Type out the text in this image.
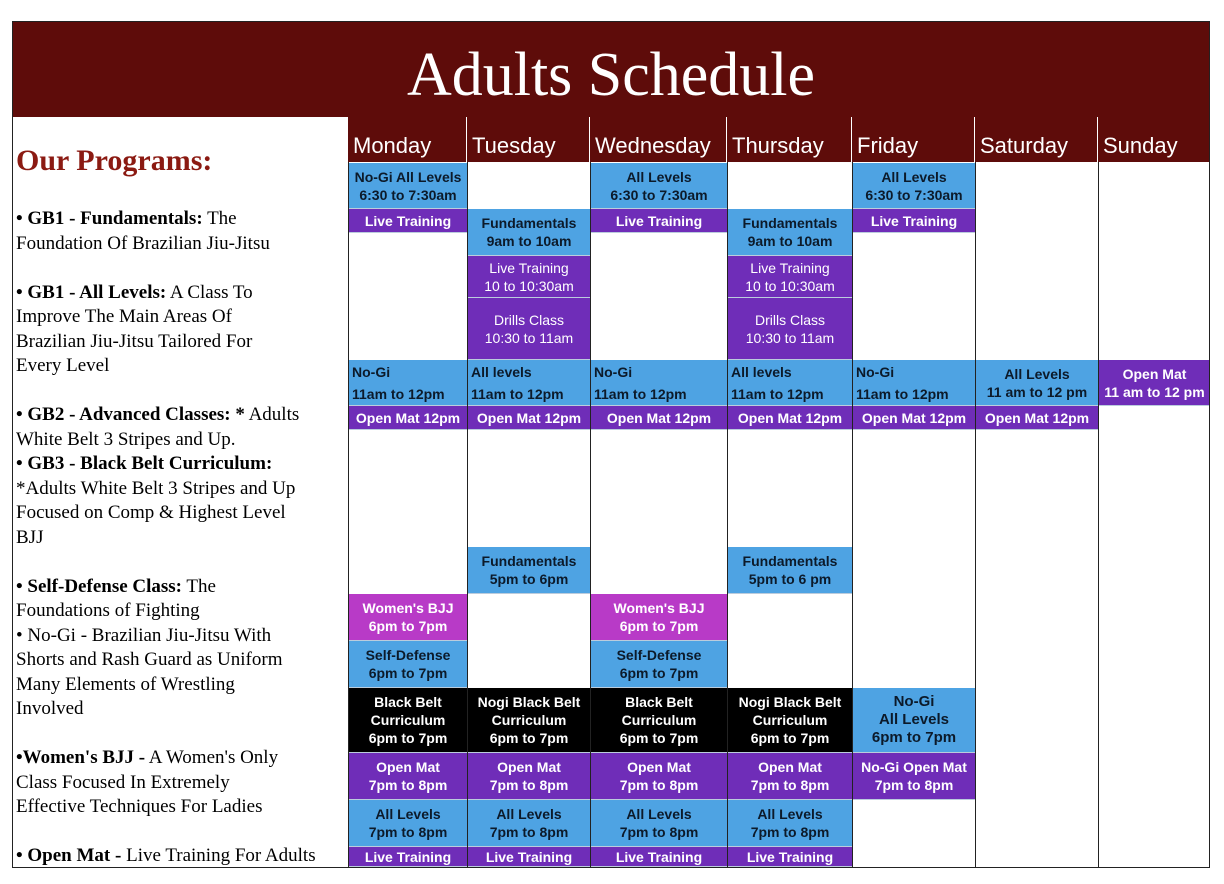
Adults Schedule
Our Programs:
• GB1 - Fundamentals: The
Foundation Of Brazilian Jiu-Jitsu
• GB1 - All Levels: A Class To
Improve The Main Areas Of
Brazilian Jiu-Jitsu Tailored For
Every Level
• GB2 - Advanced Classes: * Adults
White Belt 3 Stripes and Up.
• GB3 - Black Belt Curriculum:
*Adults White Belt 3 Stripes and Up
Focused on Comp & Highest Level
BJJ
• Self-Defense Class: The
Foundations of Fighting
• No-Gi - Brazilian Jiu-Jitsu With
Shorts and Rash Guard as Uniform
Many Elements of Wrestling
Involved
•Women's BJJ - A Women's Only
Class Focused In Extremely
Effective Techniques For Ladies
• Open Mat - Live Training For Adults
Monday
No-Gi All Levels
6:30 to 7:30am
Live Training
No-Gi
11am to 12pm
Open Mat 12pm
Women's BJJ
6pm to 7pm
Self-Defense
6pm to 7pm
Black Belt
Curriculum
6pm to 7pm
Open Mat
7pm to 8pm
All Levels
7pm to 8pm
Live Training
Tuesday
Fundamentals
9am to 10am
Live Training
10 to 10:30am
Drills Class
10:30 to 11am
All levels
11am to 12pm
Open Mat 12pm
Fundamentals
5pm to 6pm
Nogi Black Belt
Curriculum
6pm to 7pm
Open Mat
7pm to 8pm
All Levels
7pm to 8pm
Live Training
Wednesday
All Levels
6:30 to 7:30am
Live Training
No-Gi
11am to 12pm
Open Mat 12pm
Women's BJJ
6pm to 7pm
Self-Defense
6pm to 7pm
Black Belt
Curriculum
6pm to 7pm
Open Mat
7pm to 8pm
All Levels
7pm to 8pm
Live Training
Thursday
Fundamentals
9am to 10am
Live Training
10 to 10:30am
Drills Class
10:30 to 11am
All levels
11am to 12pm
Open Mat 12pm
Fundamentals
5pm to 6 pm
Nogi Black Belt
Curriculum
6pm to 7pm
Open Mat
7pm to 8pm
All Levels
7pm to 8pm
Live Training
Friday
All Levels
6:30 to 7:30am
Live Training
No-Gi
11am to 12pm
Open Mat 12pm
No-Gi
All Levels
6pm to 7pm
No-Gi Open Mat
7pm to 8pm
Saturday
All Levels
11 am to 12 pm
Open Mat 12pm
Sunday
Open Mat
11 am to 12 pm
